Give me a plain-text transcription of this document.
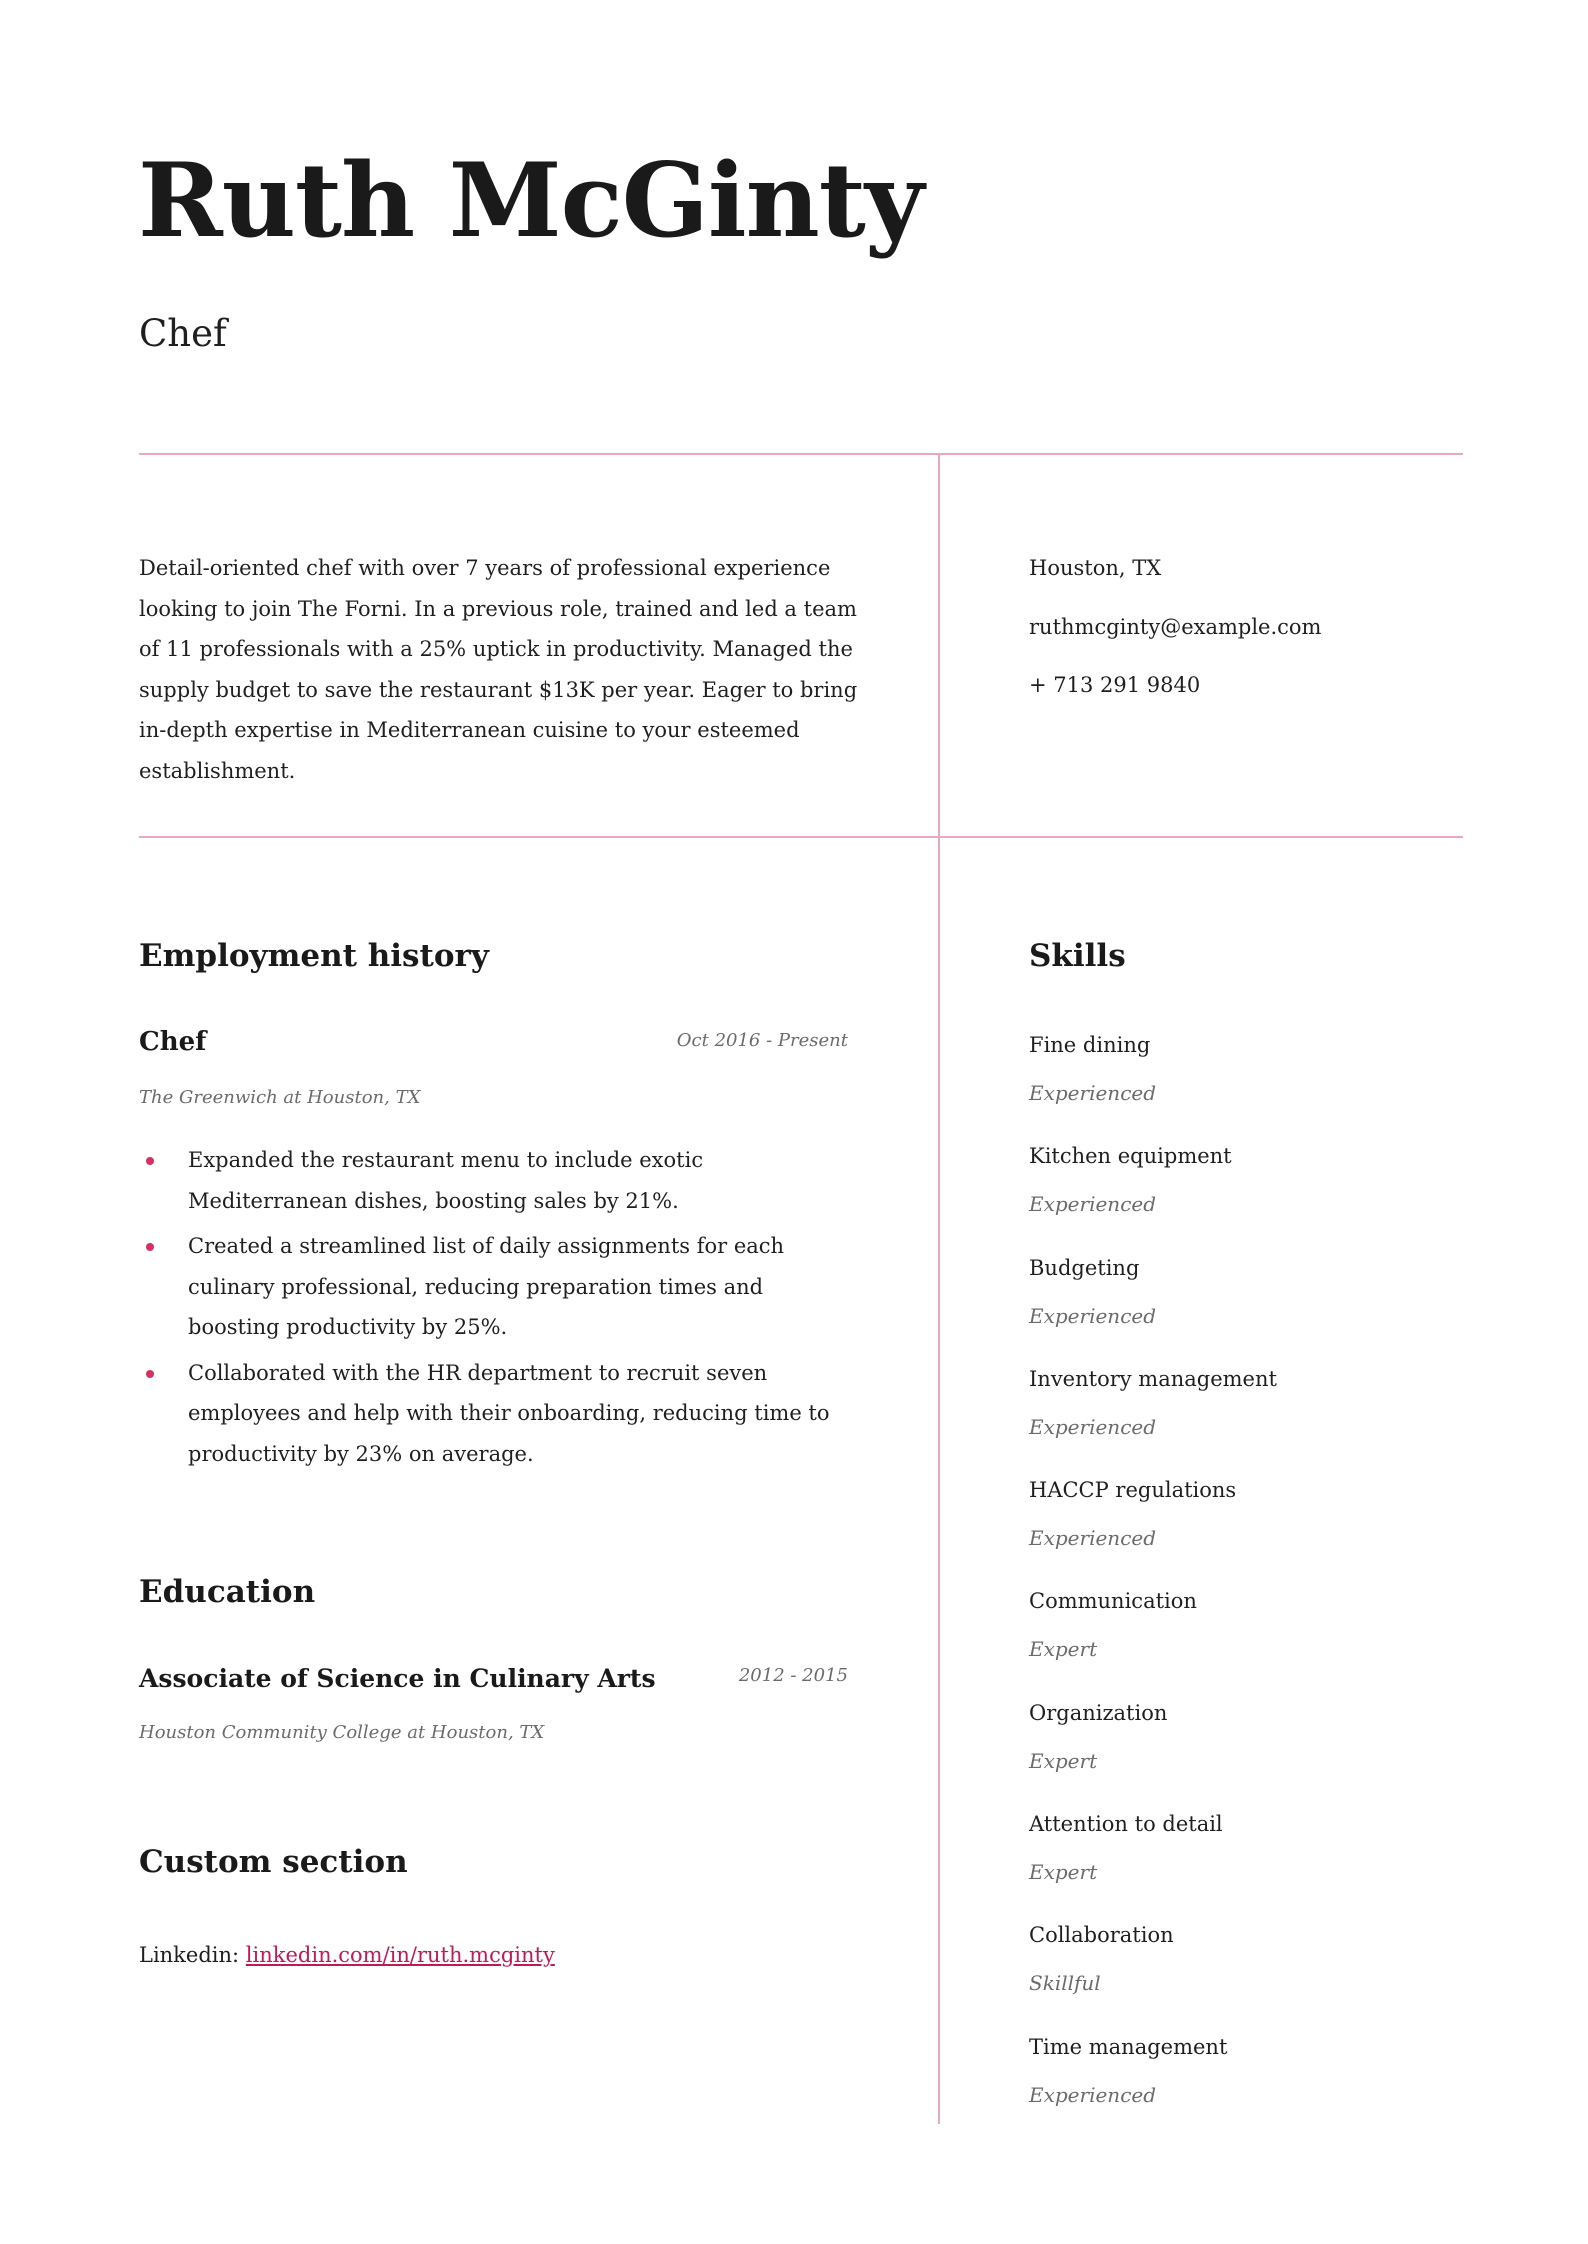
Ruth McGinty
Chef

Detail-oriented chef with over 7 years of professional experience looking to join The Forni. In a previous role, trained and led a team of 11 professionals with a 25% uptick in productivity. Managed the supply budget to save the restaurant $13K per year. Eager to bring in-depth expertise in Mediterranean cuisine to your esteemed establishment.

Houston, TX
ruthmcginty@example.com
+ 713 291 9840
Employment history
Chef	Oct 2016 - Present
The Greenwich at Houston, TX
Expanded the restaurant menu to include exotic Mediterranean dishes, boosting sales by 21%.
Created a streamlined list of daily assignments for each culinary professional, reducing preparation times and boosting productivity by 25%.
Collaborated with the HR department to recruit seven employees and help with their onboarding, reducing time to productivity by 23% on average.
Education
Associate of Science in Culinary Arts	2012 - 2015
Houston Community College at Houston, TX
Custom section
Linkedin: linkedin.com/in/ruth.mcginty
Skills
Fine dining
Experienced
Kitchen equipment
Experienced
Budgeting
Experienced
Inventory management
Experienced
HACCP regulations
Experienced
Communication
Expert
Organization
Expert
Attention to detail
Expert
Collaboration
Skillful
Time management
Experienced
